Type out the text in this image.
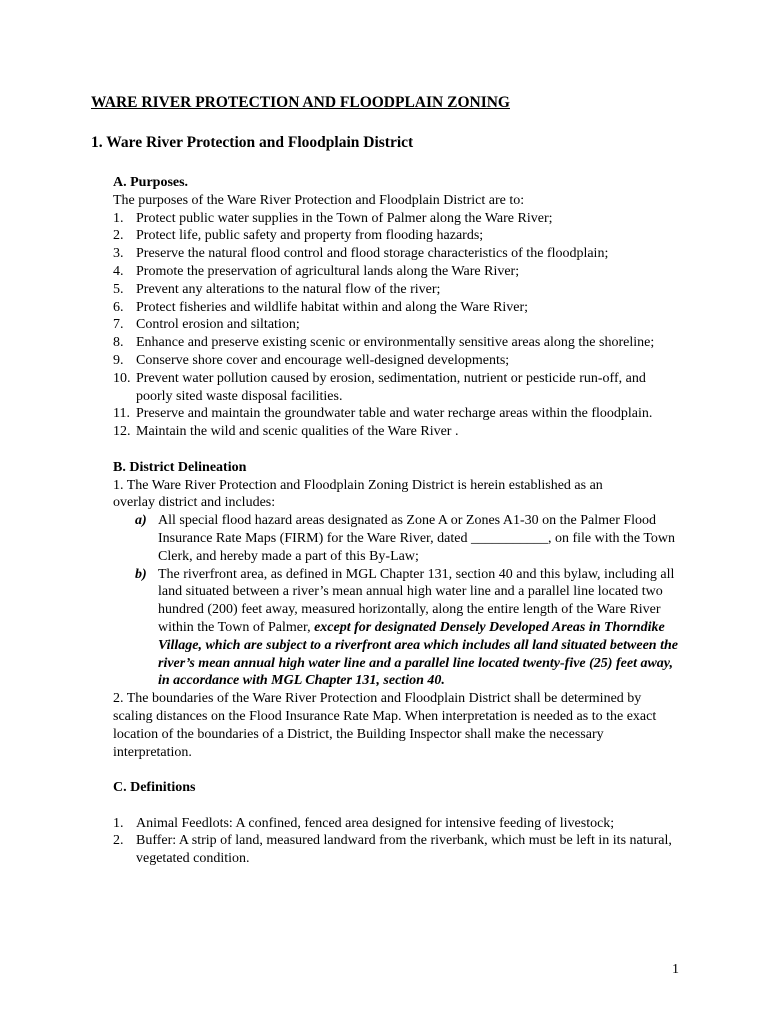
WARE RIVER PROTECTION AND FLOODPLAIN ZONING
1. Ware River Protection and Floodplain District
A. Purposes.
The purposes of the Ware River Protection and Floodplain District are to:
1. Protect public water supplies in the Town of Palmer along the Ware River;
2. Protect life, public safety and property from flooding hazards;
3. Preserve the natural flood control and flood storage characteristics of the floodplain;
4. Promote the preservation of agricultural lands along the Ware River;
5. Prevent any alterations to the natural flow of the river;
6. Protect fisheries and wildlife habitat within and along the Ware River;
7. Control erosion and siltation;
8. Enhance and preserve existing scenic or environmentally sensitive areas along the shoreline;
9. Conserve shore cover and encourage well-designed developments;
10. Prevent water pollution caused by erosion, sedimentation, nutrient or pesticide run-off, and poorly sited waste disposal facilities.
11. Preserve and maintain the groundwater table and water recharge areas within the floodplain.
12. Maintain the wild and scenic qualities of the Ware River .
B. District Delineation
1. The Ware River Protection and Floodplain Zoning District is herein established as an
overlay district and includes:
a) All special flood hazard areas designated as Zone A or Zones A1-30 on the Palmer Flood Insurance Rate Maps (FIRM) for the Ware River, dated ___________, on file with the Town Clerk, and hereby made a part of this By-Law;
b) The riverfront area, as defined in MGL Chapter 131, section 40 and this bylaw, including all land situated between a river’s mean annual high water line and a parallel line located two hundred (200) feet away, measured horizontally, along the entire length of the Ware River within the Town of Palmer, except for designated Densely Developed Areas in Thorndike Village, which are subject to a riverfront area which includes all land situated between the river’s mean annual high water line and a parallel line located twenty-five (25) feet away, in accordance with MGL Chapter 131, section 40.
2. The boundaries of the Ware River Protection and Floodplain District shall be determined by scaling distances on the Flood Insurance Rate Map. When interpretation is needed as to the exact location of the boundaries of a District, the Building Inspector shall make the necessary interpretation.
C. Definitions
1. Animal Feedlots: A confined, fenced area designed for intensive feeding of livestock;
2. Buffer: A strip of land, measured landward from the riverbank, which must be left in its natural, vegetated condition.
1
